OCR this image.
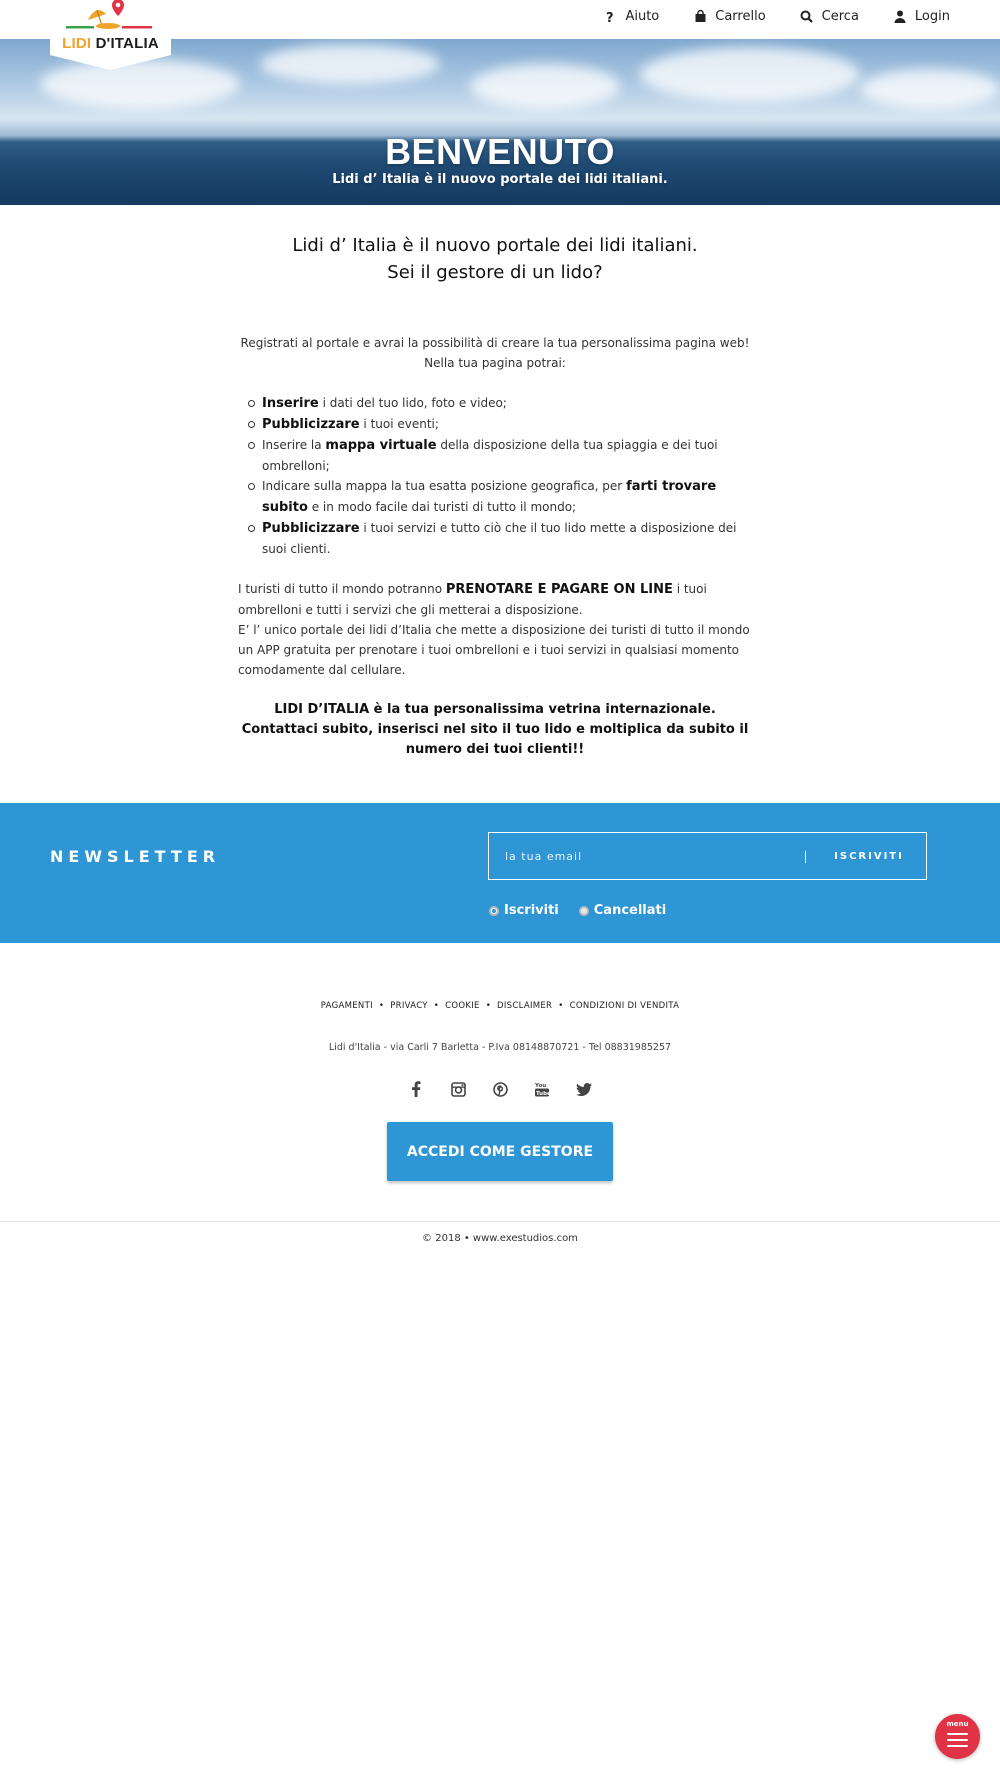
? Aiuto	Carrello	Cerca	Login
LIDI D'ITALIA
BENVENUTO

Lidi d’ Italia è il nuovo portale dei lidi italiani.

Lidi d’ Italia è il nuovo portale dei lidi italiani.
Sei il gestore di un lido?
Registrati al portale e avrai la possibilità di creare la tua personalissima pagina web!
Nella tua pagina potrai:
Inserire i dati del tuo lido, foto e video;
Pubblicizzare i tuoi eventi;
Inserire la mappa virtuale della disposizione della tua spiaggia e dei tuoi ombrelloni;
Indicare sulla mappa la tua esatta posizione geografica, per farti trovare subito e in modo facile dai turisti di tutto il mondo;
Pubblicizzare i tuoi servizi e tutto ciò che il tuo lido mette a disposizione dei suoi clienti.
I turisti di tutto il mondo potranno PRENOTARE E PAGARE ON LINE i tuoi ombrelloni e tutti i servizi che gli metterai a disposizione.
E’ l’ unico portale dei lidi d’Italia che mette a disposizione dei turisti di tutto il mondo un APP gratuita per prenotare i tuoi ombrelloni e i tuoi servizi in qualsiasi momento comodamente dal cellulare.
LIDI D’ITALIA è la tua personalissima vetrina internazionale.
Contattaci subito, inserisci nel sito il tuo lido e moltiplica da subito il numero dei tuoi clienti!!
NEWSLETTER
la tua email	ISCRIVITI
Iscriviti	Cancellati
PAGAMENTI • PRIVACY • COOKIE • DISCLAIMER • CONDIZIONI DI VENDITA
Lidi d'Italia - via Carli 7 Barletta - P.Iva 08148870721 - Tel 08831985257
You
Tube
ACCEDI COME GESTORE
© 2018 • www.exestudios.com
menu
